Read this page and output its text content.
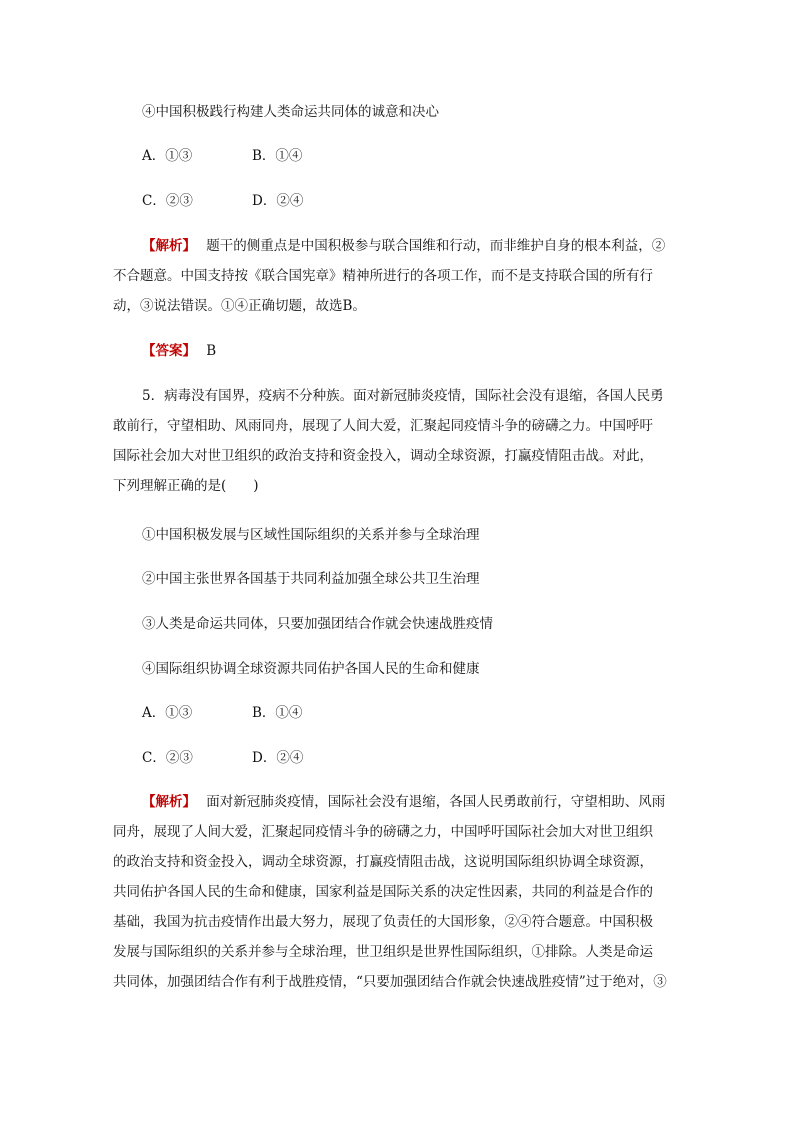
④中国积极践行构建人类命运共同体的诚意和决心
A．①③	B．①④
C．②③	D．②④
【解析】 题干的侧重点是中国积极参与联合国维和行动，而非维护自身的根本利益，②
不合题意。中国支持按《联合国宪章》精神所进行的各项工作，而不是支持联合国的所有行
动，③说法错误。①④正确切题，故选B。
【答案】 B
5．病毒没有国界，疫病不分种族。面对新冠肺炎疫情，国际社会没有退缩，各国人民勇
敢前行，守望相助、风雨同舟，展现了人间大爱，汇聚起同疫情斗争的磅礴之力。中国呼吁
国际社会加大对世卫组织的政治支持和资金投入，调动全球资源，打赢疫情阻击战。对此，
下列理解正确的是(　　)
①中国积极发展与区域性国际组织的关系并参与全球治理
②中国主张世界各国基于共同利益加强全球公共卫生治理
③人类是命运共同体，只要加强团结合作就会快速战胜疫情
④国际组织协调全球资源共同佑护各国人民的生命和健康
A．①③	B．①④
C．②③	D．②④
【解析】 面对新冠肺炎疫情，国际社会没有退缩，各国人民勇敢前行，守望相助、风雨
同舟，展现了人间大爱，汇聚起同疫情斗争的磅礴之力，中国呼吁国际社会加大对世卫组织
的政治支持和资金投入，调动全球资源，打赢疫情阻击战，这说明国际组织协调全球资源，
共同佑护各国人民的生命和健康，国家利益是国际关系的决定性因素，共同的利益是合作的
基础，我国为抗击疫情作出最大努力，展现了负责任的大国形象，②④符合题意。中国积极
发展与国际组织的关系并参与全球治理，世卫组织是世界性国际组织，①排除。人类是命运
共同体，加强团结合作有利于战胜疫情，“只要加强团结合作就会快速战胜疫情”过于绝对，③
